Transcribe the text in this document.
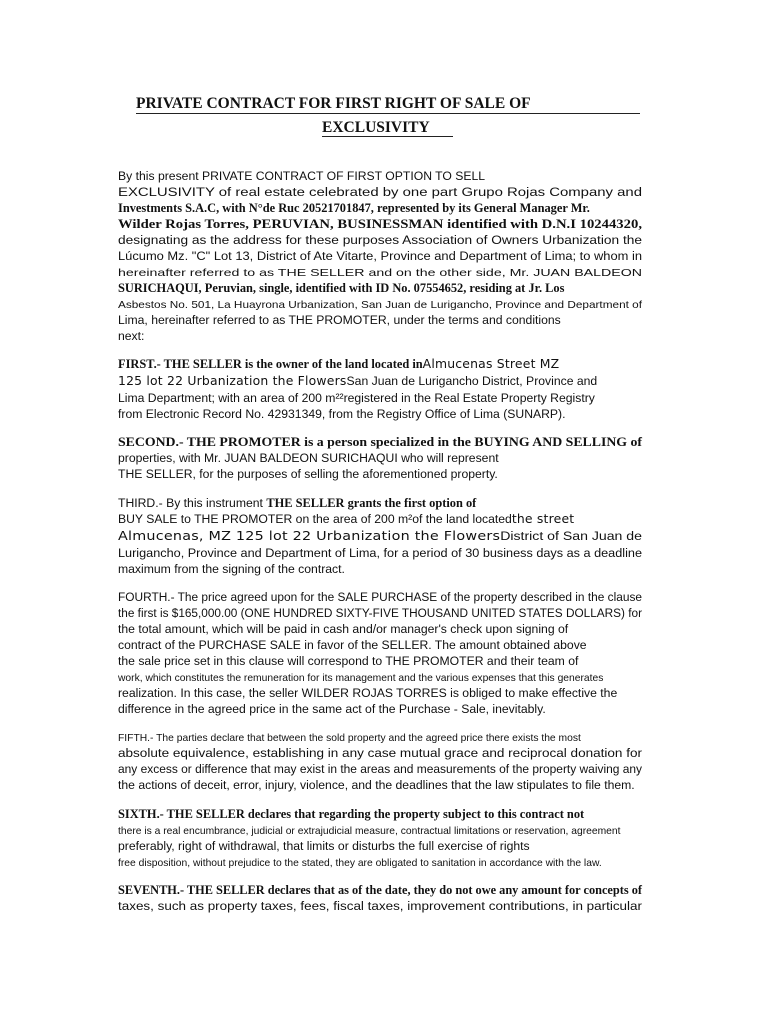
PRIVATE CONTRACT FOR FIRST RIGHT OF SALE OF
EXCLUSIVITY
By this present PRIVATE CONTRACT OF FIRST OPTION TO SELL
EXCLUSIVITY of real estate celebrated by one part Grupo Rojas Company and
Investments S.A.C, with N°de Ruc 20521701847, represented by its General Manager Mr.
Wilder Rojas Torres, PERUVIAN, BUSINESSMAN identified with D.N.I 10244320,
designating as the address for these purposes Association of Owners Urbanization the
Lúcumo Mz. "C" Lot 13, District of Ate Vitarte, Province and Department of Lima; to whom in
hereinafter referred to as THE SELLER and on the other side, Mr. JUAN BALDEON
SURICHAQUI, Peruvian, single, identified with ID No. 07554652, residing at Jr. Los
Asbestos No. 501, La Huayrona Urbanization, San Juan de Lurigancho, Province and Department of
Lima, hereinafter referred to as THE PROMOTER, under the terms and conditions
next:
FIRST.- THE SELLER is the owner of the land located inAlmucenas Street MZ
125 lot 22 Urbanization the FlowersSan Juan de Lurigancho District, Province and
Lima Department; with an area of 200 m²²registered in the Real Estate Property Registry
from Electronic Record No. 42931349, from the Registry Office of Lima (SUNARP).
SECOND.- THE PROMOTER is a person specialized in the BUYING AND SELLING of
properties, with Mr. JUAN BALDEON SURICHAQUI who will represent
THE SELLER, for the purposes of selling the aforementioned property.
THIRD.- By this instrument THE SELLER grants the first option of
BUY SALE to THE PROMOTER on the area of 200 m²of the land locatedthe street
Almucenas, MZ 125 lot 22 Urbanization the FlowersDistrict of San Juan de
Lurigancho, Province and Department of Lima, for a period of 30 business days as a deadline
maximum from the signing of the contract.
FOURTH.- The price agreed upon for the SALE PURCHASE of the property described in the clause
the first is $165,000.00 (ONE HUNDRED SIXTY-FIVE THOUSAND UNITED STATES DOLLARS) for
the total amount, which will be paid in cash and/or manager's check upon signing of
contract of the PURCHASE SALE in favor of the SELLER. The amount obtained above
the sale price set in this clause will correspond to THE PROMOTER and their team of
work, which constitutes the remuneration for its management and the various expenses that this generates
realization. In this case, the seller WILDER ROJAS TORRES is obliged to make effective the
difference in the agreed price in the same act of the Purchase - Sale, inevitably.
FIFTH.- The parties declare that between the sold property and the agreed price there exists the most
absolute equivalence, establishing in any case mutual grace and reciprocal donation for
any excess or difference that may exist in the areas and measurements of the property waiving any
the actions of deceit, error, injury, violence, and the deadlines that the law stipulates to file them.
SIXTH.- THE SELLER declares that regarding the property subject to this contract not
there is a real encumbrance, judicial or extrajudicial measure, contractual limitations or reservation, agreement
preferably, right of withdrawal, that limits or disturbs the full exercise of rights
free disposition, without prejudice to the stated, they are obligated to sanitation in accordance with the law.
SEVENTH.- THE SELLER declares that as of the date, they do not owe any amount for concepts of
taxes, such as property taxes, fees, fiscal taxes, improvement contributions, in particular
